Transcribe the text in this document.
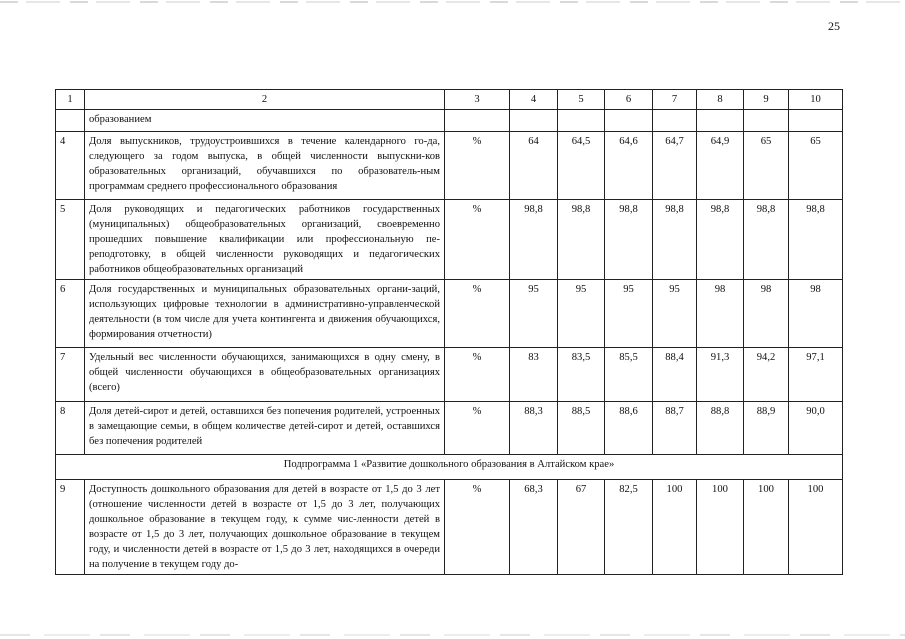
25
1	2	3	4	5	6	7	8	9	10
	образованием								
4	Доля выпускников, трудоустроившихся в течение календарного го-да, следующего за годом выпуска, в общей численности выпускни-ков образовательных организаций, обучавшихся по образователь-ным программам среднего профессионального образования	%	64	64,5	64,6	64,7	64,9	65	65
5	Доля руководящих и педагогических работников государственных (муниципальных) общеобразовательных организаций, своевременно прошедших повышение квалификации или профессиональную пе-реподготовку, в общей численности руководящих и педагогических работников общеобразовательных организаций	%	98,8	98,8	98,8	98,8	98,8	98,8	98,8
6	Доля государственных и муниципальных образовательных органи-заций, использующих цифровые технологии в административно-управленческой деятельности (в том числе для учета контингента и движения обучающихся, формирования отчетности)	%	95	95	95	95	98	98	98
7	Удельный вес численности обучающихся, занимающихся в одну смену, в общей численности обучающихся в общеобразовательных организациях (всего)	%	83	83,5	85,5	88,4	91,3	94,2	97,1
8	Доля детей-сирот и детей, оставшихся без попечения родителей, устроенных в замещающие семьи, в общем количестве детей-сирот и детей, оставшихся без попечения родителей	%	88,3	88,5	88,6	88,7	88,8	88,9	90,0
Подпрограмма 1 «Развитие дошкольного образования в Алтайском крае»									
9	Доступность дошкольного образования для детей в возрасте от 1,5 до 3 лет (отношение численности детей в возрасте от 1,5 до 3 лет, получающих дошкольное образование в текущем году, к сумме чис-ленности детей в возрасте от 1,5 до 3 лет, получающих дошкольное образование в текущем году, и численности детей в возрасте от 1,5 до 3 лет, находящихся в очереди на получение в текущем году до-	%	68,3	67	82,5	100	100	100	100
